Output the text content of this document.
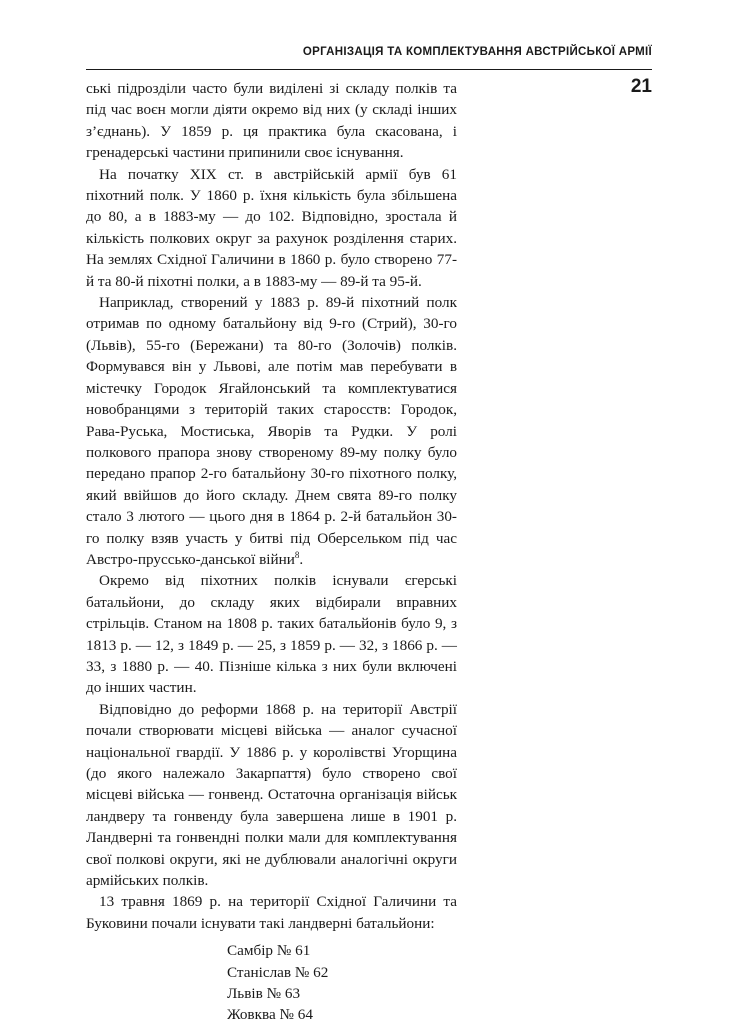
ОРГАНІЗАЦІЯ ТА КОМПЛЕКТУВАННЯ АВСТРІЙСЬКОЇ АРМІЇ
21

ські підрозділи часто були виділені зі складу полків та під час воєн могли діяти окремо від них (у складі інших з’єднань). У 1859 р. ця практика була скасована, і гренадерські частини припинили своє існування.

На початку ХІХ ст. в австрійській армії був 61 піхотний полк. У 1860 р. їхня кількість була збільшена до 80, а в 1883-му — до 102. Відповідно, зростала й кількість полкових округ за рахунок розділення старих. На землях Східної Галичини в 1860 р. було створено 77-й та 80-й піхотні полки, а в 1883-му — 89-й та 95-й.

Наприклад, створений у 1883 р. 89-й піхотний полк отримав по одному батальйону від 9-го (Стрий), 30-го (Львів), 55-го (Бережани) та 80-го (Золочів) полків. Формувався він у Львові, але потім мав перебувати в містечку Городок Ягайлонський та комплектуватися новобранцями з територій таких старосств: Городок, Рава-Руська, Мостиська, Яворів та Рудки. У ролі полкового прапора знову створеному 89-му полку було передано прапор 2-го батальйону 30-го піхотного полку, який ввійшов до його складу. Днем свята 89-го полку стало 3 лютого — цього дня в 1864 р. 2-й батальйон 30-го полку взяв участь у битві під Оберсельком під час Австро-пруссько-данської війни$^8$.

Окремо від піхотних полків існували єгерські батальйони, до складу яких відбирали вправних стрільців. Станом на 1808 р. таких батальйонів було 9, з 1813 р. — 12, з 1849 р. — 25, з 1859 р. — 32, з 1866 р. — 33, з 1880 р. — 40. Пізніше кілька з них були включені до інших частин.

Відповідно до реформи 1868 р. на території Австрії почали створювати місцеві війська — аналог сучасної національної гвардії. У 1886 р. у королівстві Угорщина (до якого належало Закарпаття) було створено свої місцеві війська — гонвенд. Остаточна організація військ ландверу та гонвенду була завершена лише в 1901 р. Ландверні та гонвендні полки мали для комплектування свої полкові округи, які не дублювали аналогічні округи армійських полків.

13 травня 1869 р. на території Східної Галичини та Буковини почали існувати такі ландверні батальйони:

Самбір № 61
Станіслав № 62
Львів № 63
Жовква № 64
